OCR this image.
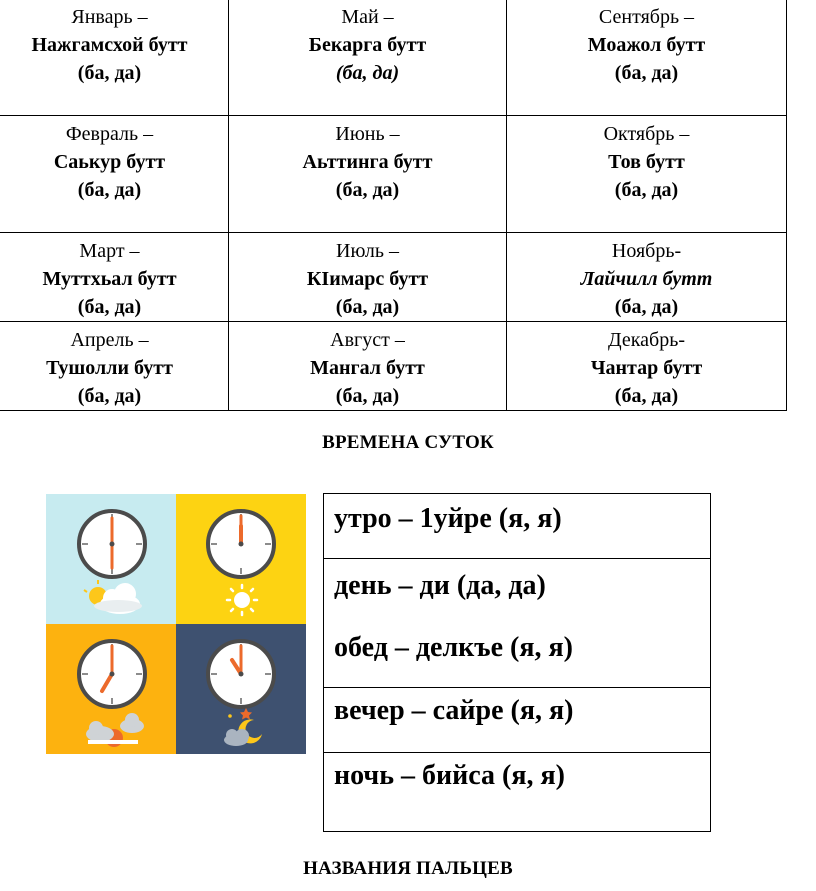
Январь –
Нажгамсхой бутт
(ба, да)	Май –
Бекарга бутт
(ба, да)	Сентябрь –
Моажол бутт
(ба, да)

Февраль –
Саькур бутт
(ба, да)	Июнь –
Аьттинга бутт
(ба, да)	Октябрь –
Тов бутт
(ба, да)

Март –
Муттхьал бутт
(ба, да)	Июль –
КIимарс бутт
(ба, да)	Ноябрь-
Лайчилл бутт
(ба, да)

Апрель –
Тушолли бутт
(ба, да)	Август –
Мангал бутт
(ба, да)	Декабрь-
Чантар бутт
(ба, да)
ВРЕМЕНА СУТОК
утро – 1уйре (я, я)

день – ди (да, да)
обед – делкъе (я, я)

вечер – сайре (я, я)

ночь – бийса (я, я)
НАЗВАНИЯ ПАЛЬЦЕВ
